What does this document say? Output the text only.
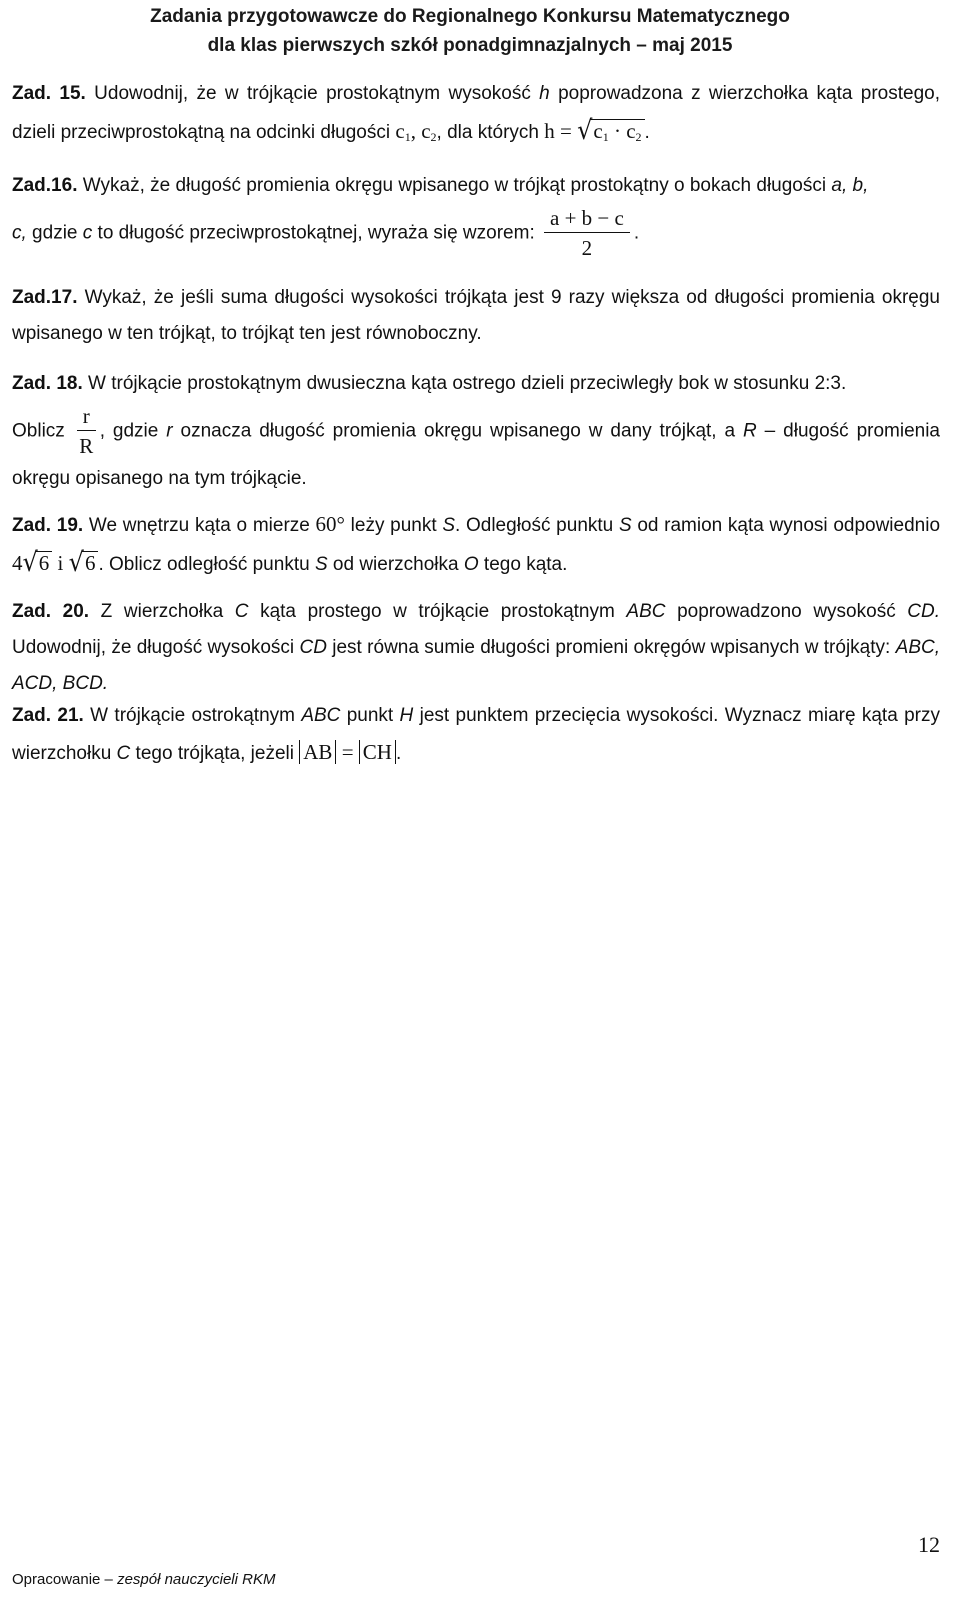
Zadania przygotowawcze do Regionalnego Konkursu Matematycznego
dla klas pierwszych szkół ponadgimnazjalnych – maj 2015
Zad. 15. Udowodnij, że w trójkącie prostokątnym wysokość h poprowadzona z wierzchołka kąta prostego, dzieli przeciwprostokątną na odcinki długości $c_1$, $c_2$, dla których $h = √c_1 \cdot c_2$ .
Zad.16. Wykaż, że długość promienia okręgu wpisanego w trójkąt prostokątny o bokach długości a, b,
c, gdzie c to długość przeciwprostokątnej, wyraża się wzorem: $\frac{a + b - c}{2}$ .
Zad.17. Wykaż, że jeśli suma długości wysokości trójkąta jest 9 razy większa od długości promienia okręgu wpisanego w ten trójkąt, to trójkąt ten jest równoboczny.
Zad. 18. W trójkącie prostokątnym dwusieczna kąta ostrego dzieli przeciwległy bok w stosunku 2:3.
Oblicz $\frac{r}{R}$ , gdzie r oznacza długość promienia okręgu wpisanego w dany trójkąt, a R – długość promienia okręgu opisanego na tym trójkącie.
Zad. 19. We wnętrzu kąta o mierze 60° leży punkt S. Odległość punktu S od ramion kąta wynosi odpowiednio 4√6 i √6 . Oblicz odległość punktu S od wierzchołka O tego kąta.
Zad. 20. Z wierzchołka C kąta prostego w trójkącie prostokątnym ABC poprowadzono wysokość CD. Udowodnij, że długość wysokości CD jest równa sumie długości promieni okręgów wpisanych w trójkąty: ABC, ACD, BCD.
Zad. 21. W trójkącie ostrokątnym ABC punkt H jest punktem przecięcia wysokości. Wyznacz miarę kąta przy wierzchołku C tego trójkąta, jeżeli AB = CH .
12
Opracowanie – zespół nauczycieli RKM
